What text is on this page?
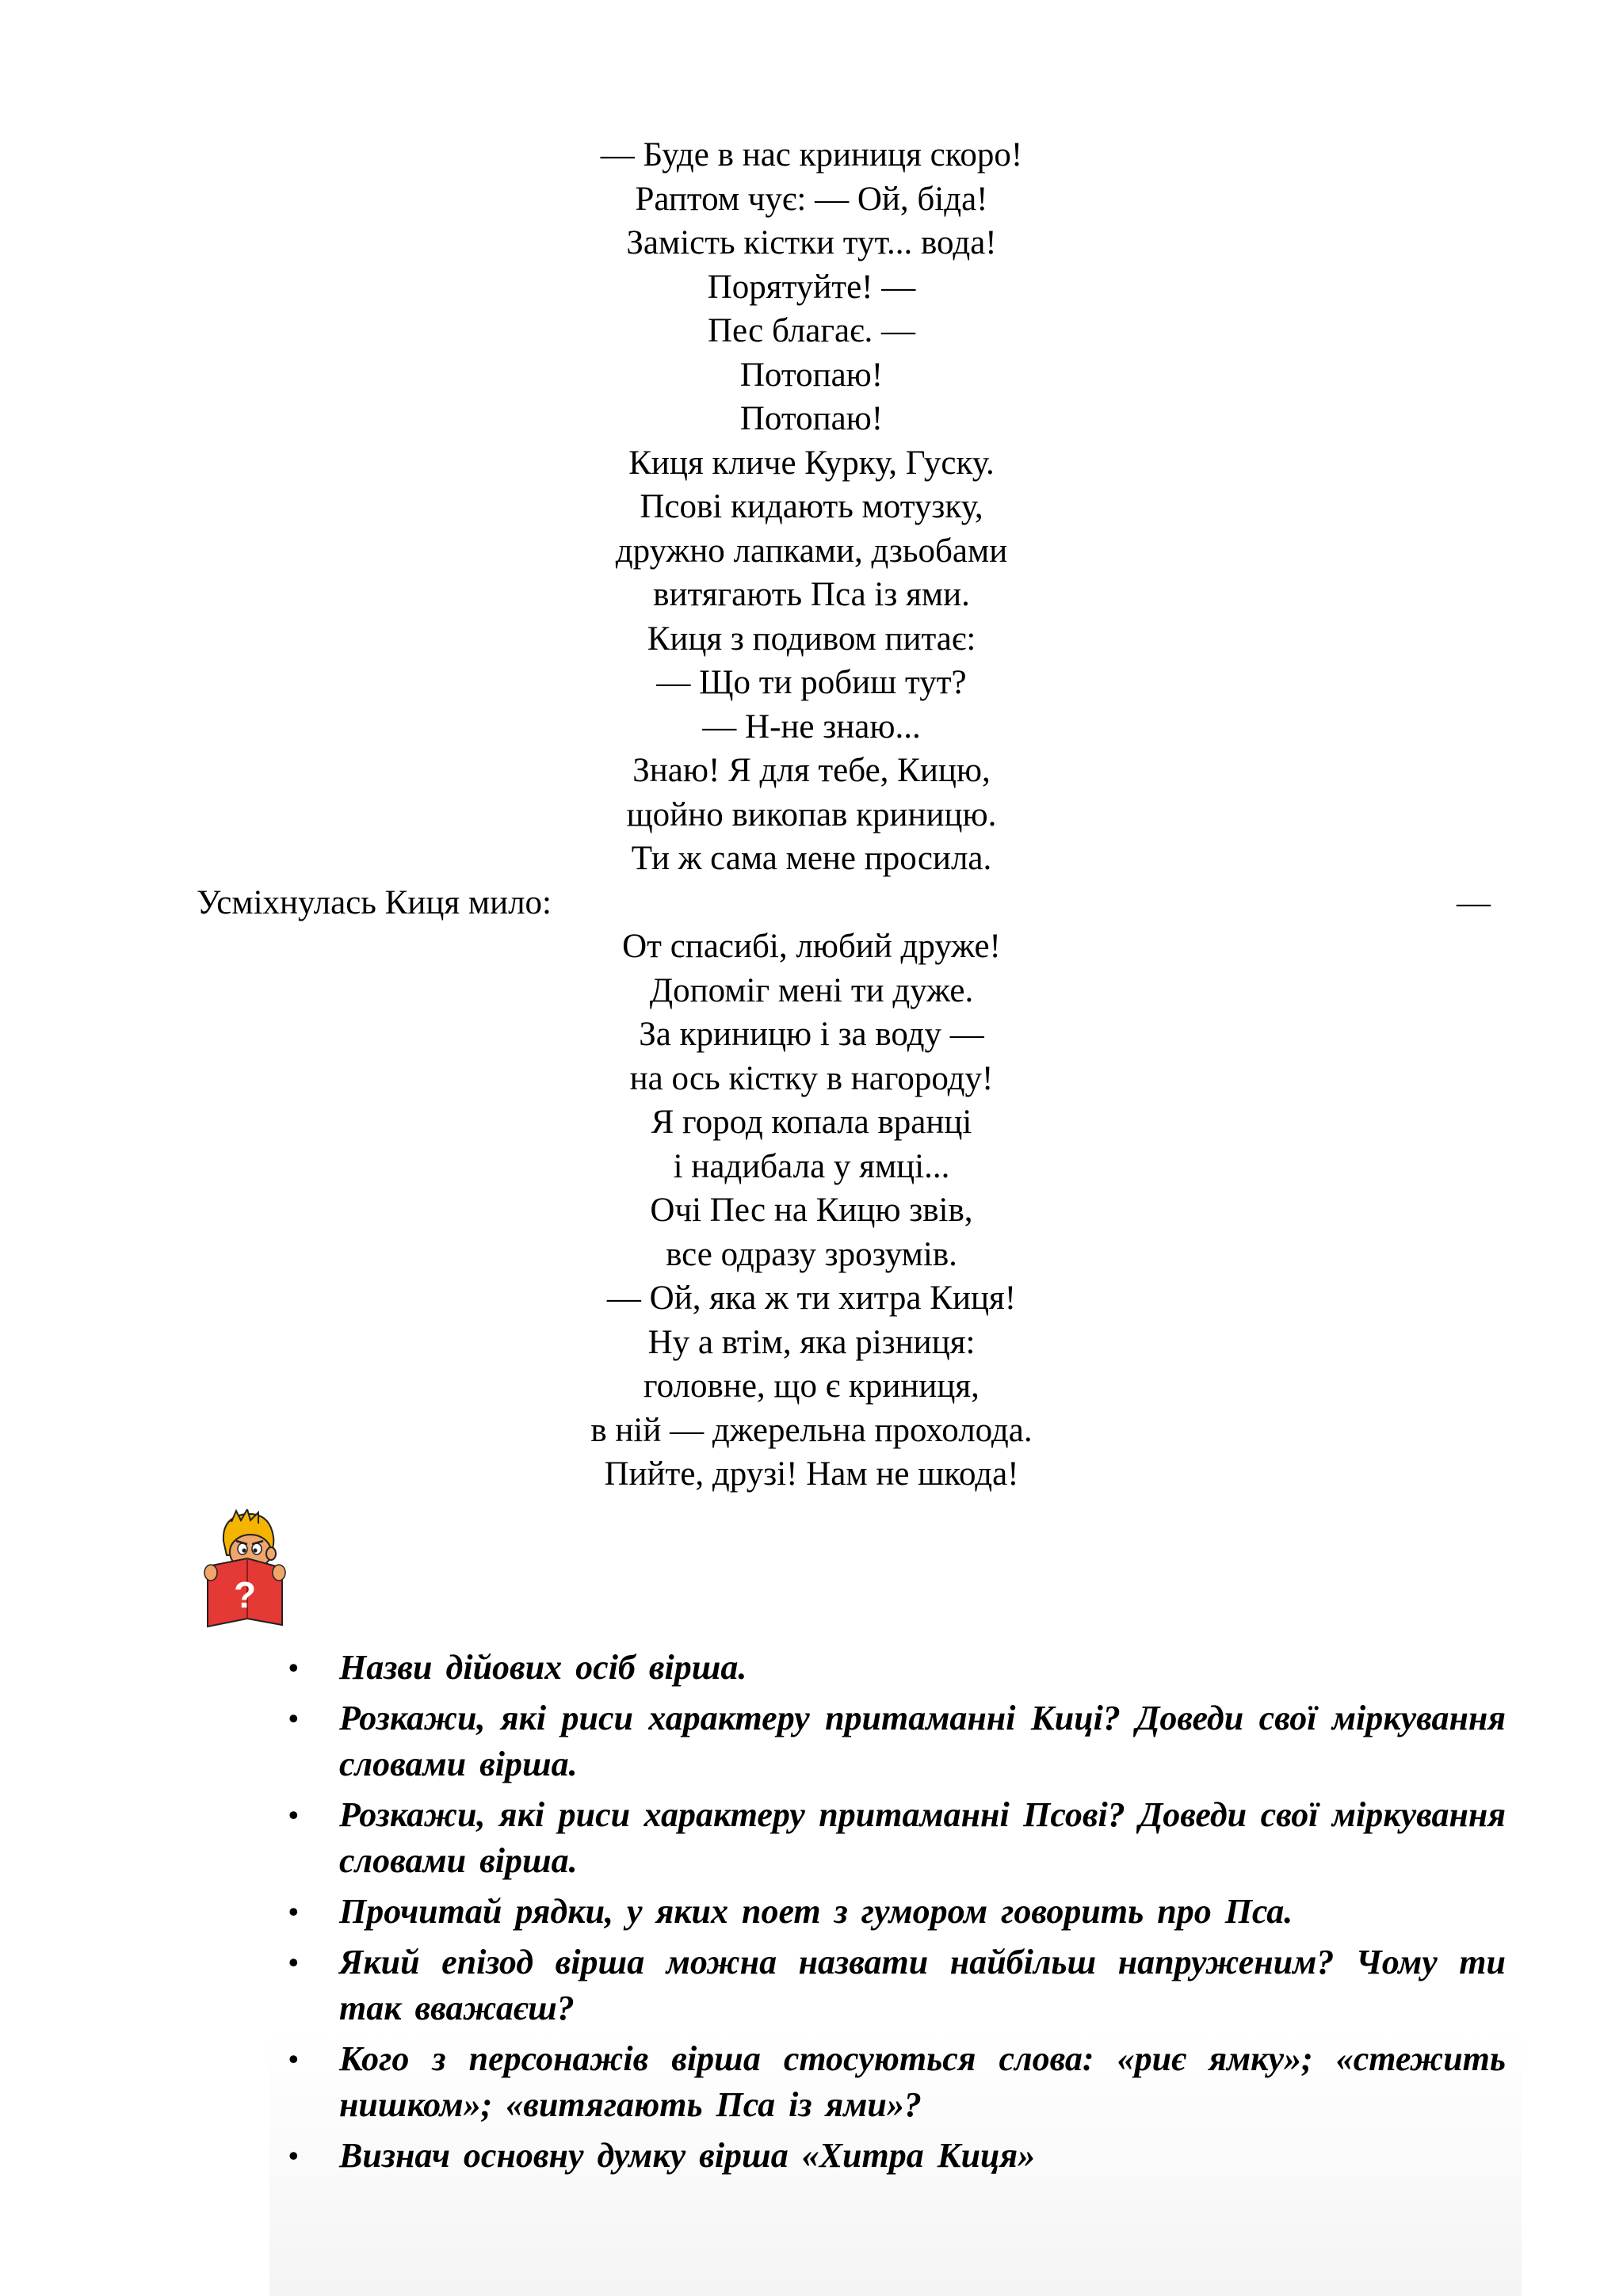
— Буде в нас криниця скоро!
Раптом чує: — Ой, біда!
Замість кістки тут... вода!
Порятуйте! —
Пес благає. —
Потопаю!
Потопаю!
Киця кличе Курку, Гуску.
Псові кидають мотузку,
дружно лапками, дзьобами
витягають Пса із ями.
Киця з подивом питає:
— Що ти робиш тут?
— Н-не знаю...
Знаю! Я для тебе, Кицю,
щойно викопав криницю.
Ти ж сама мене просила.
Усміхнулась Киця мило:	—
От спасибі, любий друже!
Допоміг мені ти дуже.
За криницю і за воду —
на ось кістку в нагороду!
Я город копала вранці
і надибала у ямці...
Очі Пес на Кицю звів,
все одразу зрозумів.
— Ой, яка ж ти хитра Киця!
Ну а втім, яка різниця:
головне, що є криниця,
в ній — джерельна прохолода.
Пийте, друзі! Нам не шкода!
?
• Назви дійових осіб вірша.
• Розкажи, які риси характеру притаманні Киці? Доведи свої міркування словами вірша.
• Розкажи, які риси характеру притаманні Псові? Доведи свої міркування словами вірша.
• Прочитай рядки, у яких поет з гумором говорить про Пса.
• Який епізод вірша можна назвати найбільш напруженим? Чому ти так вважаєш?
• Кого з персонажів вірша стосуються слова: «риє ямку»; «стежить нишком»; «витягають Пса із ями»?
• Визнач основну думку вірша «Хитра Киця»
